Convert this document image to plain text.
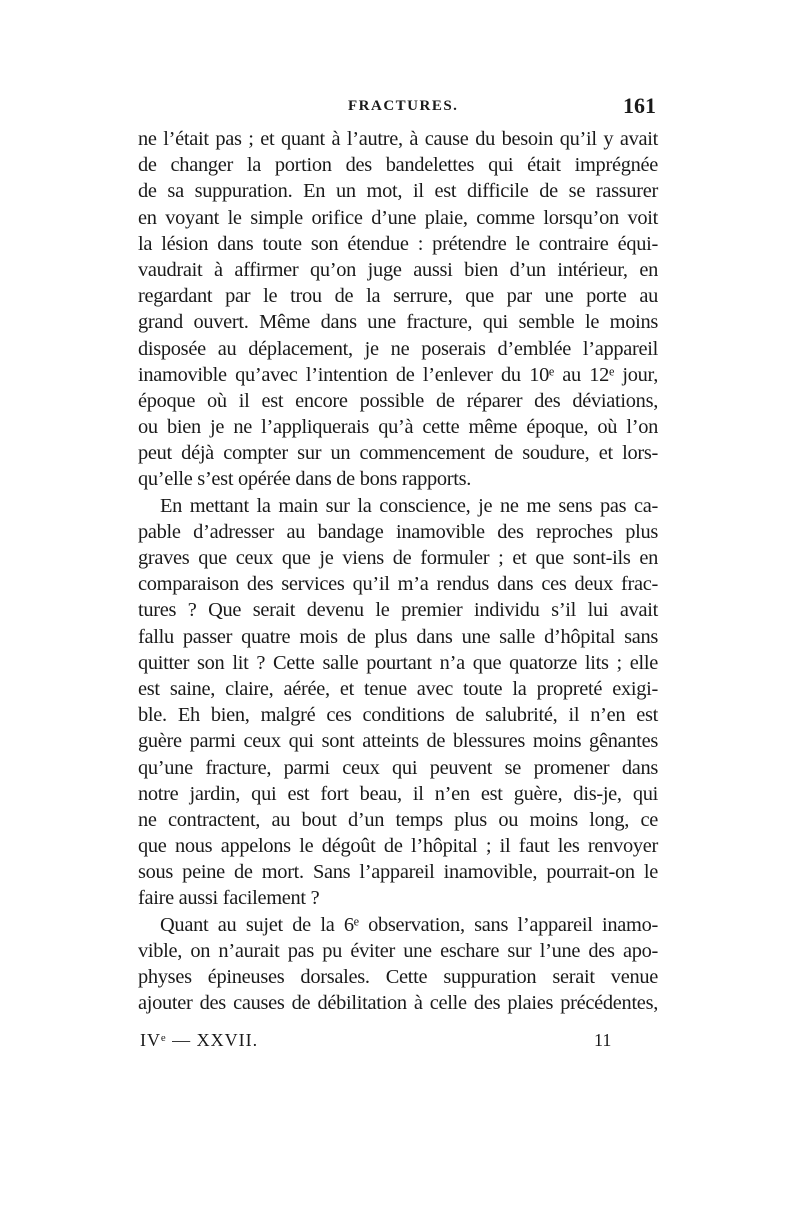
FRACTURES.	161
ne l’était pas ; et quant à l’autre, à cause du besoin qu’il y avait
de changer la portion des bandelettes qui était imprégnée
de sa suppuration. En un mot, il est difficile de se rassurer
en voyant le simple orifice d’une plaie, comme lorsqu’on voit
la lésion dans toute son étendue : prétendre le contraire équi-
vaudrait à affirmer qu’on juge aussi bien d’un intérieur, en
regardant par le trou de la serrure, que par une porte au
grand ouvert. Même dans une fracture, qui semble le moins
disposée au déplacement, je ne poserais d’emblée l’appareil
inamovible qu’avec l’intention de l’enlever du 10ᵉ au 12ᵉ jour,
époque où il est encore possible de réparer des déviations,
ou bien je ne l’appliquerais qu’à cette même époque, où l’on
peut déjà compter sur un commencement de soudure, et lors-
qu’elle s’est opérée dans de bons rapports.
En mettant la main sur la conscience, je ne me sens pas ca-
pable d’adresser au bandage inamovible des reproches plus
graves que ceux que je viens de formuler ; et que sont-ils en
comparaison des services qu’il m’a rendus dans ces deux frac-
tures ? Que serait devenu le premier individu s’il lui avait
fallu passer quatre mois de plus dans une salle d’hôpital sans
quitter son lit ? Cette salle pourtant n’a que quatorze lits ; elle
est saine, claire, aérée, et tenue avec toute la propreté exigi-
ble. Eh bien, malgré ces conditions de salubrité, il n’en est
guère parmi ceux qui sont atteints de blessures moins gênantes
qu’une fracture, parmi ceux qui peuvent se promener dans
notre jardin, qui est fort beau, il n’en est guère, dis-je, qui
ne contractent, au bout d’un temps plus ou moins long, ce
que nous appelons le dégoût de l’hôpital ; il faut les renvoyer
sous peine de mort. Sans l’appareil inamovible, pourrait-on le
faire aussi facilement ?
Quant au sujet de la 6ᵉ observation, sans l’appareil inamo-
vible, on n’aurait pas pu éviter une eschare sur l’une des apo-
physes épineuses dorsales. Cette suppuration serait venue
ajouter des causes de débilitation à celle des plaies précédentes,
IVᵉ — XXVII.	11
